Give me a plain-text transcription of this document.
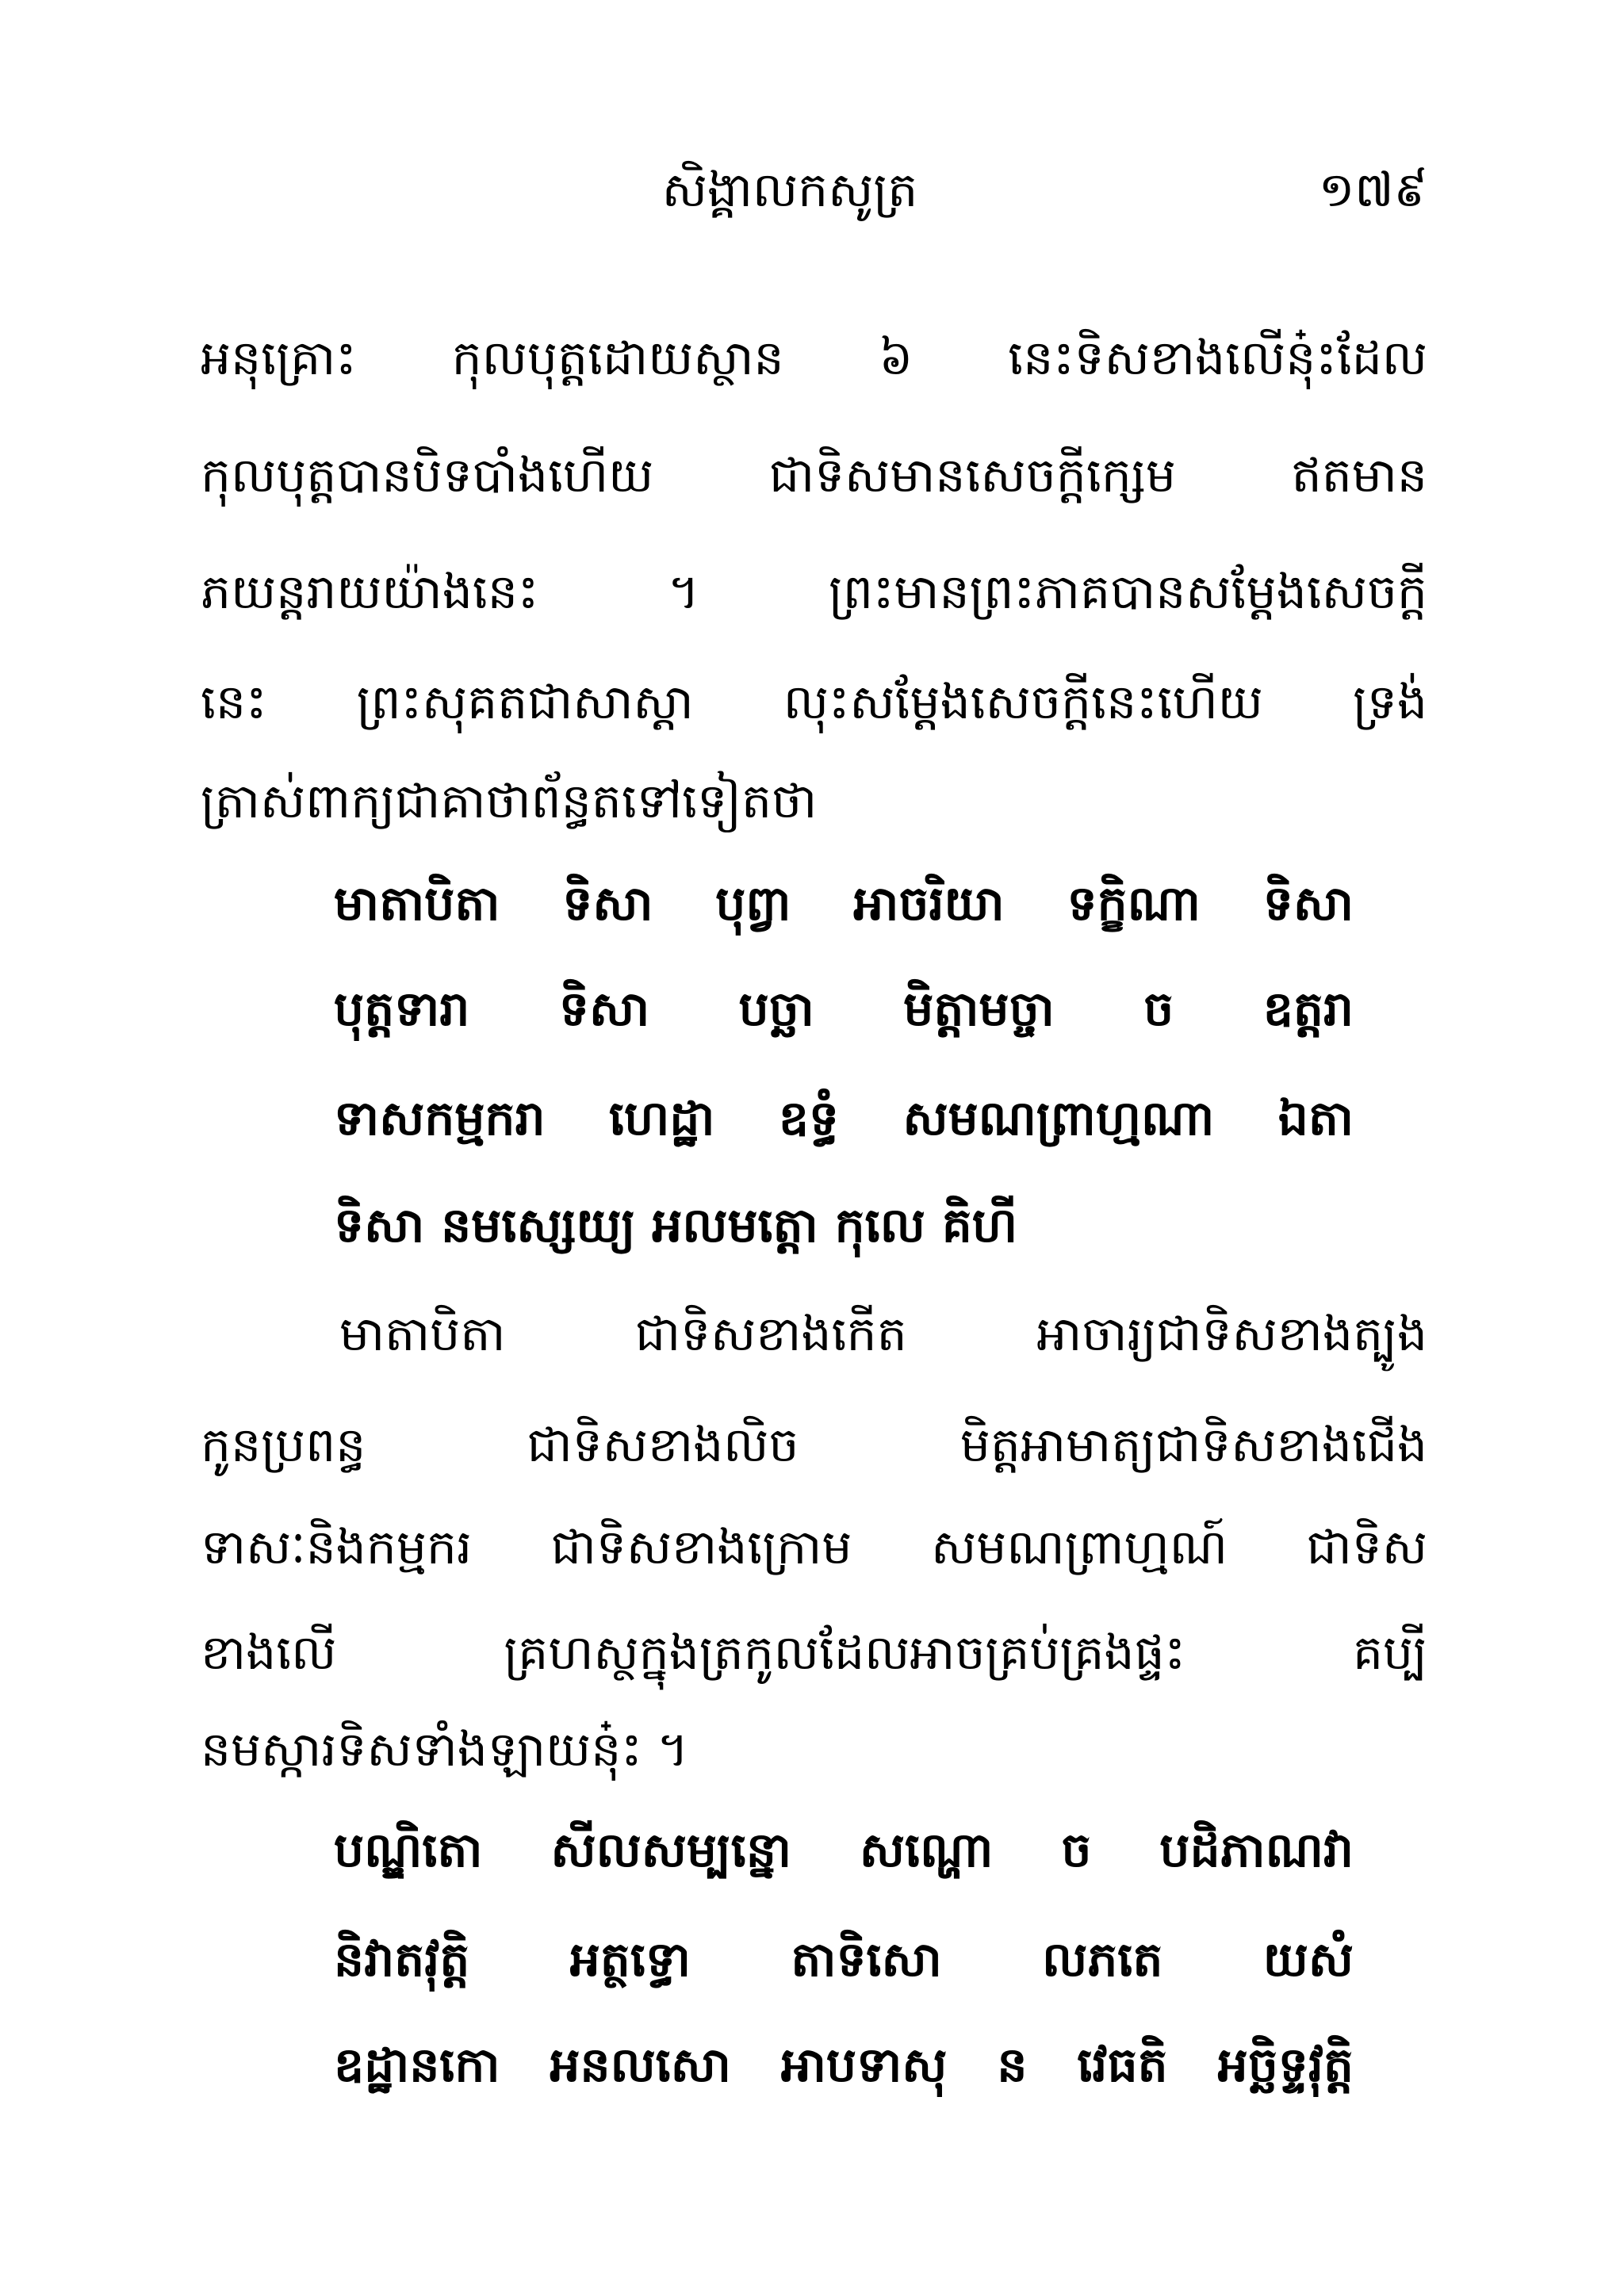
សិង្គាលកសូត្រ	១៧៩
អនុគ្រោះ កុលបុត្តដោយស្ថាន ៦ នេះទិសខាងលើនុ៎ះដែល
កុលបុត្តបានបិទបាំងហើយ ជាទិសមានសេចក្តីក្សេម ឥតមាន
ភយន្តរាយយ៉ាងនេះ ។ ព្រះមានព្រះភាគបានសម្តែងសេចក្តី
នេះ ព្រះសុគតជាសាស្តា លុះសម្តែងសេចក្តីនេះហើយ ទ្រង់
ត្រាស់ពាក្យជាគាថាព័ន្ធតទៅទៀតថា
មាតាបិតា ទិសា បុព្វា អាចរិយា ទក្ខិណា ទិសា
បុត្តទារា ទិសា បច្ឆា មិត្តាមច្ចា ច ឧត្តរា
ទាសកម្មករា ហេដ្ឋា ឧទ្ធំ សមណព្រាហ្មណា ឯតា
ទិសា នមស្សេយ្យ អលមត្តោ កុលេ គិហី
មាតាបិតា ជាទិសខាងកើត អាចារ្យជាទិសខាងត្បូង
កូនប្រពន្ធ ជាទិសខាងលិច មិត្តអាមាត្យជាទិសខាងជើង
ទាសៈនិងកម្មករ ជាទិសខាងក្រោម សមណព្រាហ្មណ៍ ជាទិស
ខាងលើ គ្រហស្ថក្នុងត្រកូលដែលអាចគ្រប់គ្រងផ្ទះ គប្បី
នមស្ការទិសទាំងឡាយនុ៎ះ ។
បណ្ឌិតោ សីលសម្បន្នោ សណ្ហោ ច បដិភាណវា
និវាតវុត្តិ អត្ថទ្ធោ តាទិសោ លភតេ យសំ
ឧដ្ឋានកោ អនលសោ អាបទាសុ ន វេធតិ អច្ឆិទ្ទវុត្តិ
